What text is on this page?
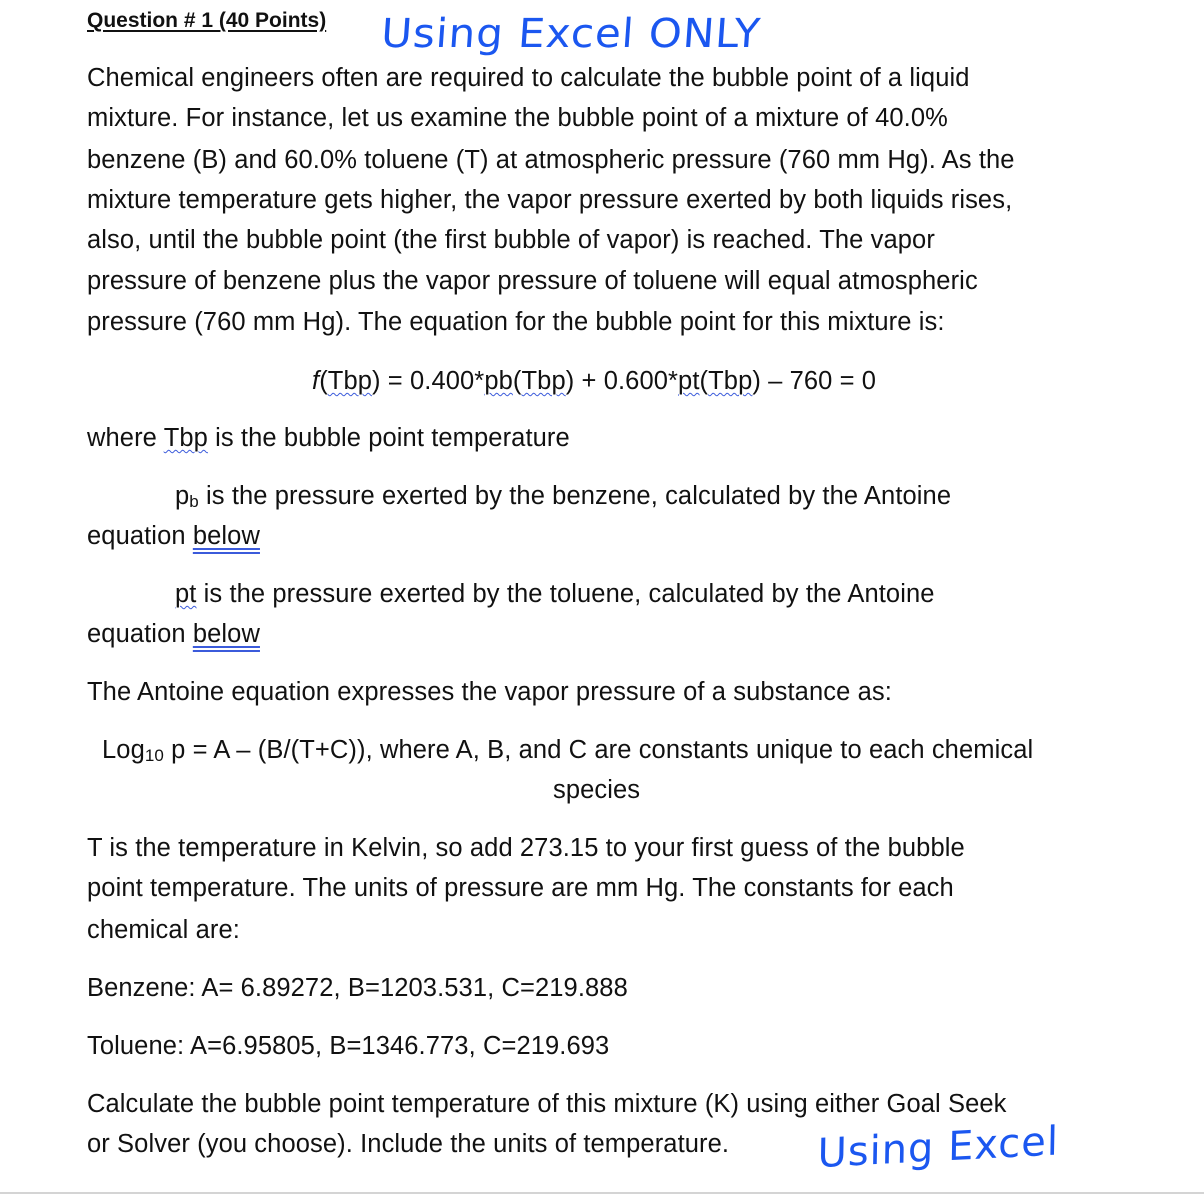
Question # 1 (40 Points) Using Excel ONLY
Chemical engineers often are required to calculate the bubble point of a liquid
mixture. For instance, let us examine the bubble point of a mixture of 40.0%
benzene (B) and 60.0% toluene (T) at atmospheric pressure (760 mm Hg). As the
mixture temperature gets higher, the vapor pressure exerted by both liquids rises,
also, until the bubble point (the first bubble of vapor) is reached. The vapor
pressure of benzene plus the vapor pressure of toluene will equal atmospheric
pressure (760 mm Hg). The equation for the bubble point for this mixture is:
f(Tbp) = 0.400*pb(Tbp) + 0.600*pt(Tbp) – 760 = 0
where Tbp is the bubble point temperature
$p_b$ is the pressure exerted by the benzene, calculated by the Antoine
equation below
pt is the pressure exerted by the toluene, calculated by the Antoine
equation below
The Antoine equation expresses the vapor pressure of a substance as:
Log$_{10}$ p = A – (B/(T+C)), where A, B, and C are constants unique to each chemical
species
T is the temperature in Kelvin, so add 273.15 to your first guess of the bubble
point temperature. The units of pressure are mm Hg. The constants for each
chemical are:
Benzene: A= 6.89272, B=1203.531, C=219.888
Toluene: A=6.95805, B=1346.773, C=219.693
Calculate the bubble point temperature of this mixture (K) using either Goal Seek
or Solver (you choose). Include the units of temperature. Using Excel
